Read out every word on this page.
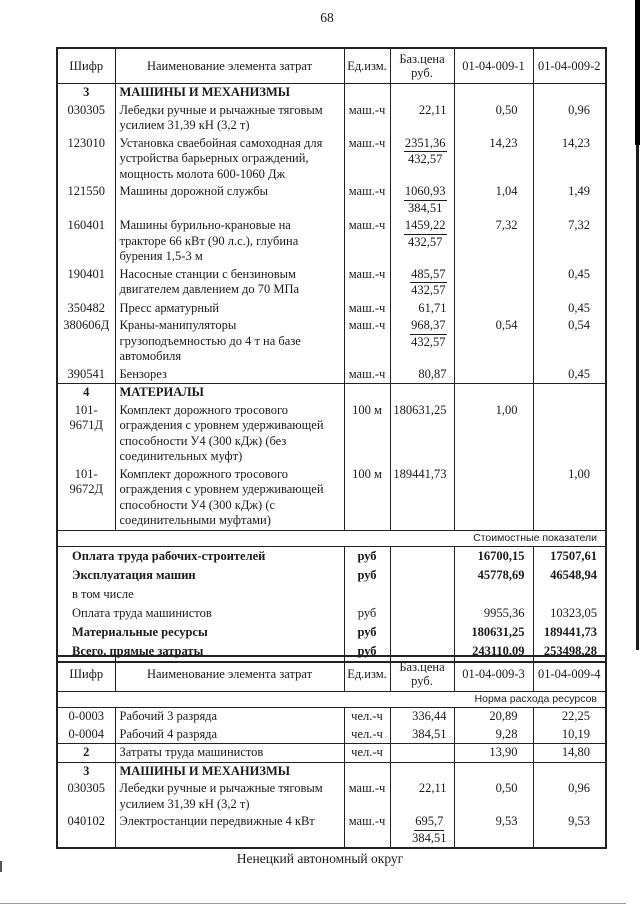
68
Шифр	Наименование элемента затрат	Ед.изм.	Баз.цена руб.	01-04-009-1	01-04-009-2
3	МАШИНЫ И МЕХАНИЗМЫ				
030305	Лебедки ручные и рычажные тяговым усилием 31,39 кН (3,2 т)	маш.-ч	22,11	0,50	0,96
123010	Установка сваебойная самоходная для устройства барьерных ограждений, мощность молота 600-1060 Дж	маш.-ч	$\frac{2351,36}{432,57}$	14,23	14,23
121550	Машины дорожной службы	маш.-ч	$\frac{1060,93}{384,51}$	1,04	1,49
160401	Машины бурильно-крановые на тракторе 66 кВт (90 л.с.), глубина бурения 1,5-3 м	маш.-ч	$\frac{1459,22}{432,57}$	7,32	7,32
190401	Насосные станции с бензиновым двигателем давлением до 70 МПа	маш.-ч	$\frac{485,57}{432,57}$		0,45
350482	Пресс арматурный	маш.-ч	61,71		0,45
380606Д	Краны-манипуляторы грузоподъемностью до 4 т на базе автомобиля	маш.-ч	$\frac{968,37}{432,57}$	0,54	0,54
390541	Бензорез	маш.-ч	80,87		0,45
4	МАТЕРИАЛЫ				
101-9671Д	Комплект дорожного тросового ограждения с уровнем удерживающей способности У4 (300 кДж) (без соединительных муфт)	100 м	180631,25	1,00	
101-9672Д	Комплект дорожного тросового ограждения с уровнем удерживающей способности У4 (300 кДж) (с соединительными муфтами)	100 м	189441,73		1,00
Стоимостные показатели					
Оплата труда рабочих-строителей		руб		16700,15	17507,61
Эксплуатация машин		руб		45778,69	46548,94
в том числе					
Оплата труда машинистов		руб		9955,36	10323,05
Материальные ресурсы		руб		180631,25	189441,73
Всего, прямые затраты		руб		243110,09	253498,28
Шифр	Наименование элемента затрат	Ед.изм.	Баз.цена руб.	01-04-009-3	01-04-009-4
Норма расхода ресурсов					
0-0003	Рабочий 3 разряда	чел.-ч	336,44	20,89	22,25
0-0004	Рабочий 4 разряда	чел.-ч	384,51	9,28	10,19
2	Затраты труда машинистов	чел.-ч		13,90	14,80
3	МАШИНЫ И МЕХАНИЗМЫ				
030305	Лебедки ручные и рычажные тяговым усилием 31,39 кН (3,2 т)	маш.-ч	22,11	0,50	0,96
040102	Электростанции передвижные 4 кВт	маш.-ч	$\frac{695,7}{384,51}$	9,53	9,53
Ненецкий автономный округ
